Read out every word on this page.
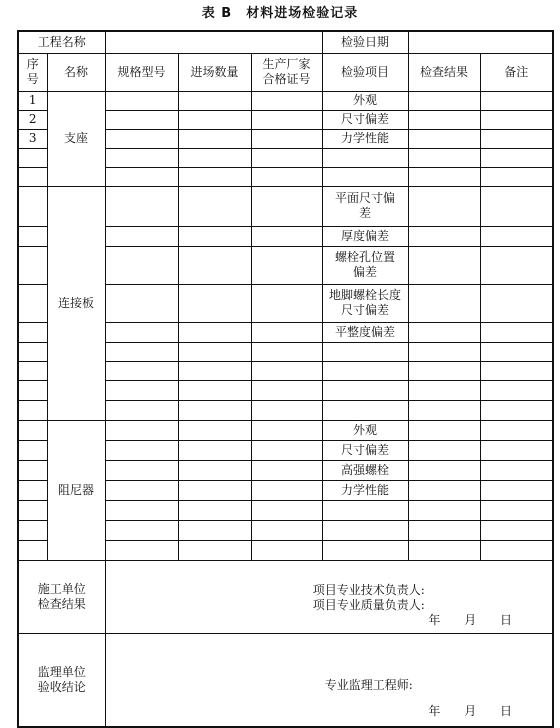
表 B　材料进场检验记录
工程名称					检验日期		
序号	名称	规格型号	进场数量	生产厂家合格证号	检验项目	检查结果	备注
1	支座				外观		
2					尺寸偏差		
3					力学性能		

	连接板				平面尺寸偏差		
					厚度偏差		
					螺栓孔位置偏差		
					地脚螺栓长度尺寸偏差		
					平整度偏差		

	阻尼器				外观		
					尺寸偏差		
					高强螺栓		
					力学性能		

施工单位检查结果		项目专业技术负责人:
项目专业质量负责人:
年 月 日					

监理单位验收结论		专业监理工程师:
年 月 日					
